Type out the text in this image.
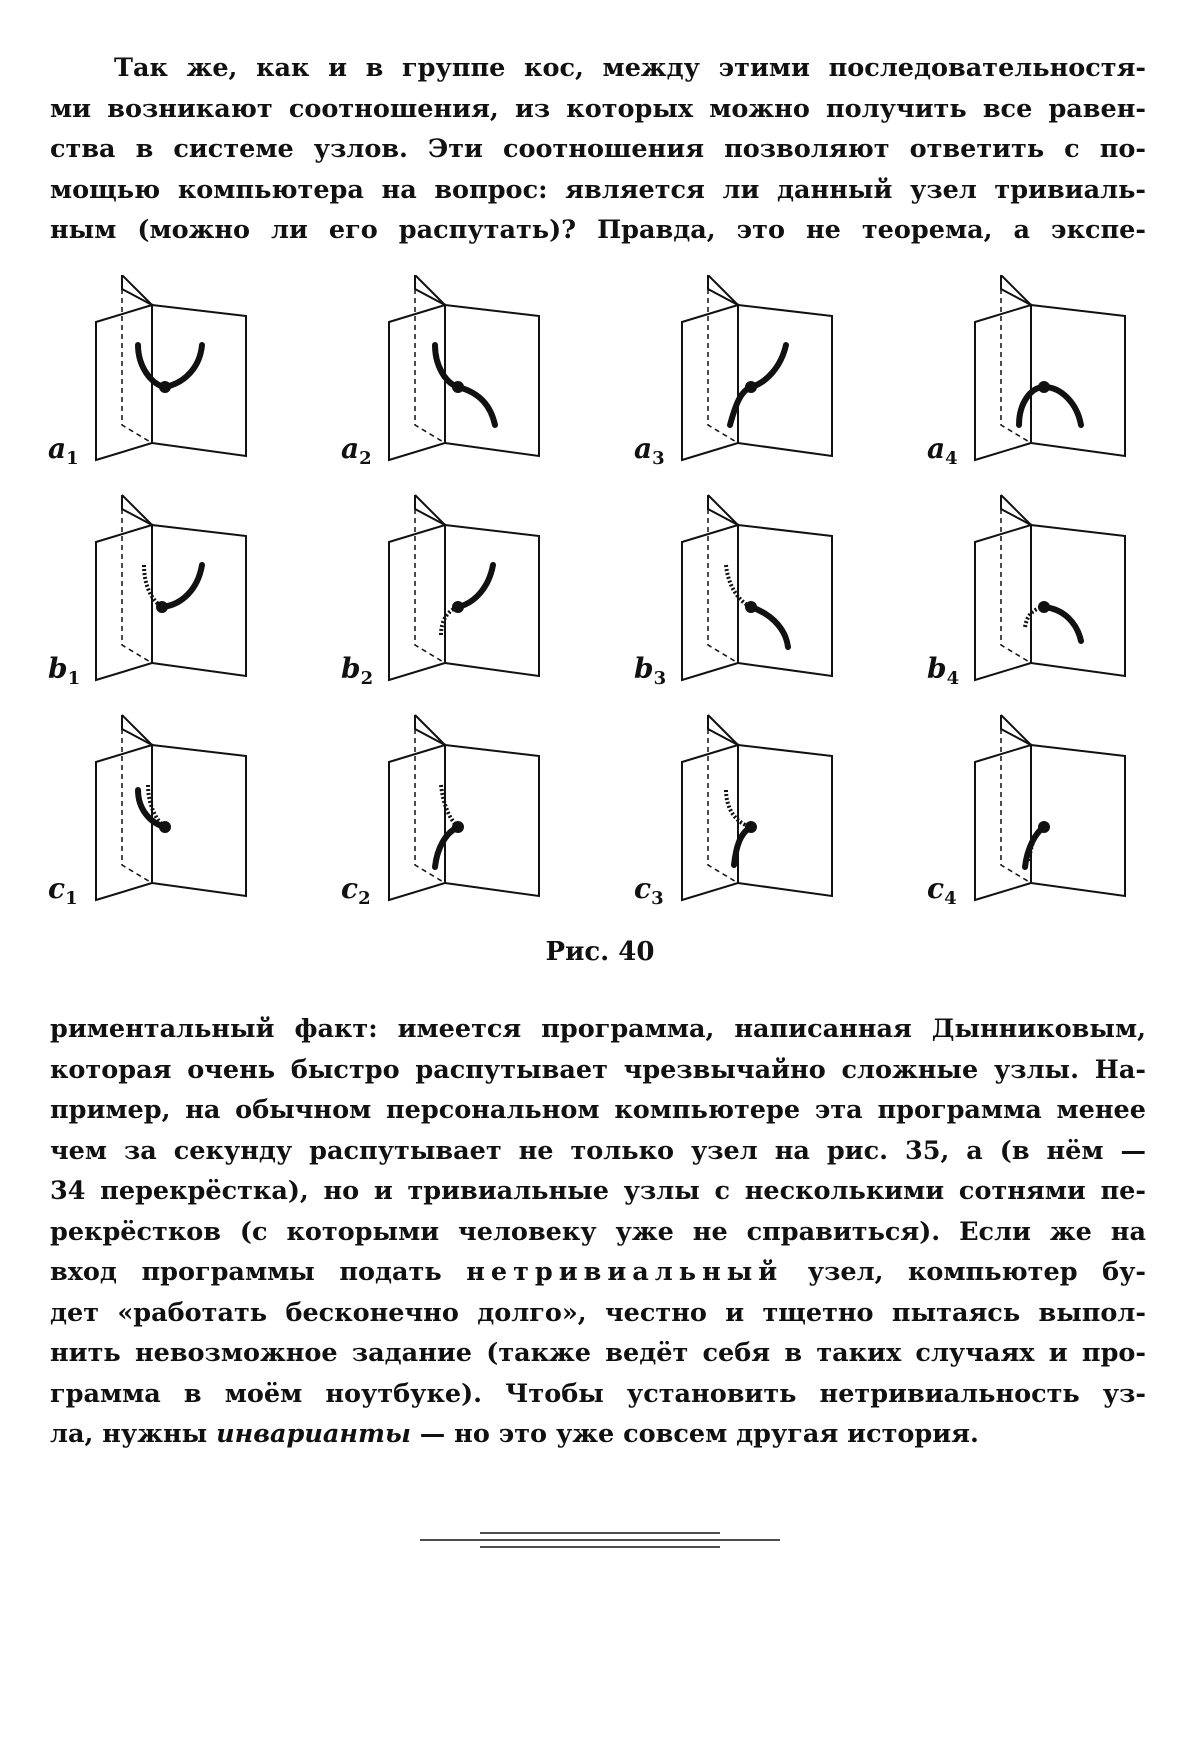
Так же, как и в группе кос, между этими последовательностя-
ми возникают соотношения, из которых можно получить все равен-
ства в системе узлов. Эти соотношения позволяют ответить с по-
мощью компьютера на вопрос: является ли данный узел тривиаль-
ным (можно ли его распутать)? Правда, это не теорема, а экспе-
$a_1$	$a_2$	$a_3$	$a_4$
$b_1$	$b_2$	$b_3$	$b_4$
$c_1$	$c_2$	$c_3$	$c_4$

Рис. 40

риментальный факт: имеется программа, написанная Дынниковым,
которая очень быстро распутывает чрезвычайно сложные узлы. На-
пример, на обычном персональном компьютере эта программа менее
чем за секунду распутывает не только узел на рис. 35, а (в нём —
34 перекрёстка), но и тривиальные узлы с несколькими сотнями пе-
рекрёстков (с которыми человеку уже не справиться). Если же на
вход программы подать нетривиальный узел, компьютер бу-
дет «работать бесконечно долго», честно и тщетно пытаясь выпол-
нить невозможное задание (также ведёт себя в таких случаях и про-
грамма в моём ноутбуке). Чтобы установить нетривиальность уз-
ла, нужны инварианты — но это уже совсем другая история.
